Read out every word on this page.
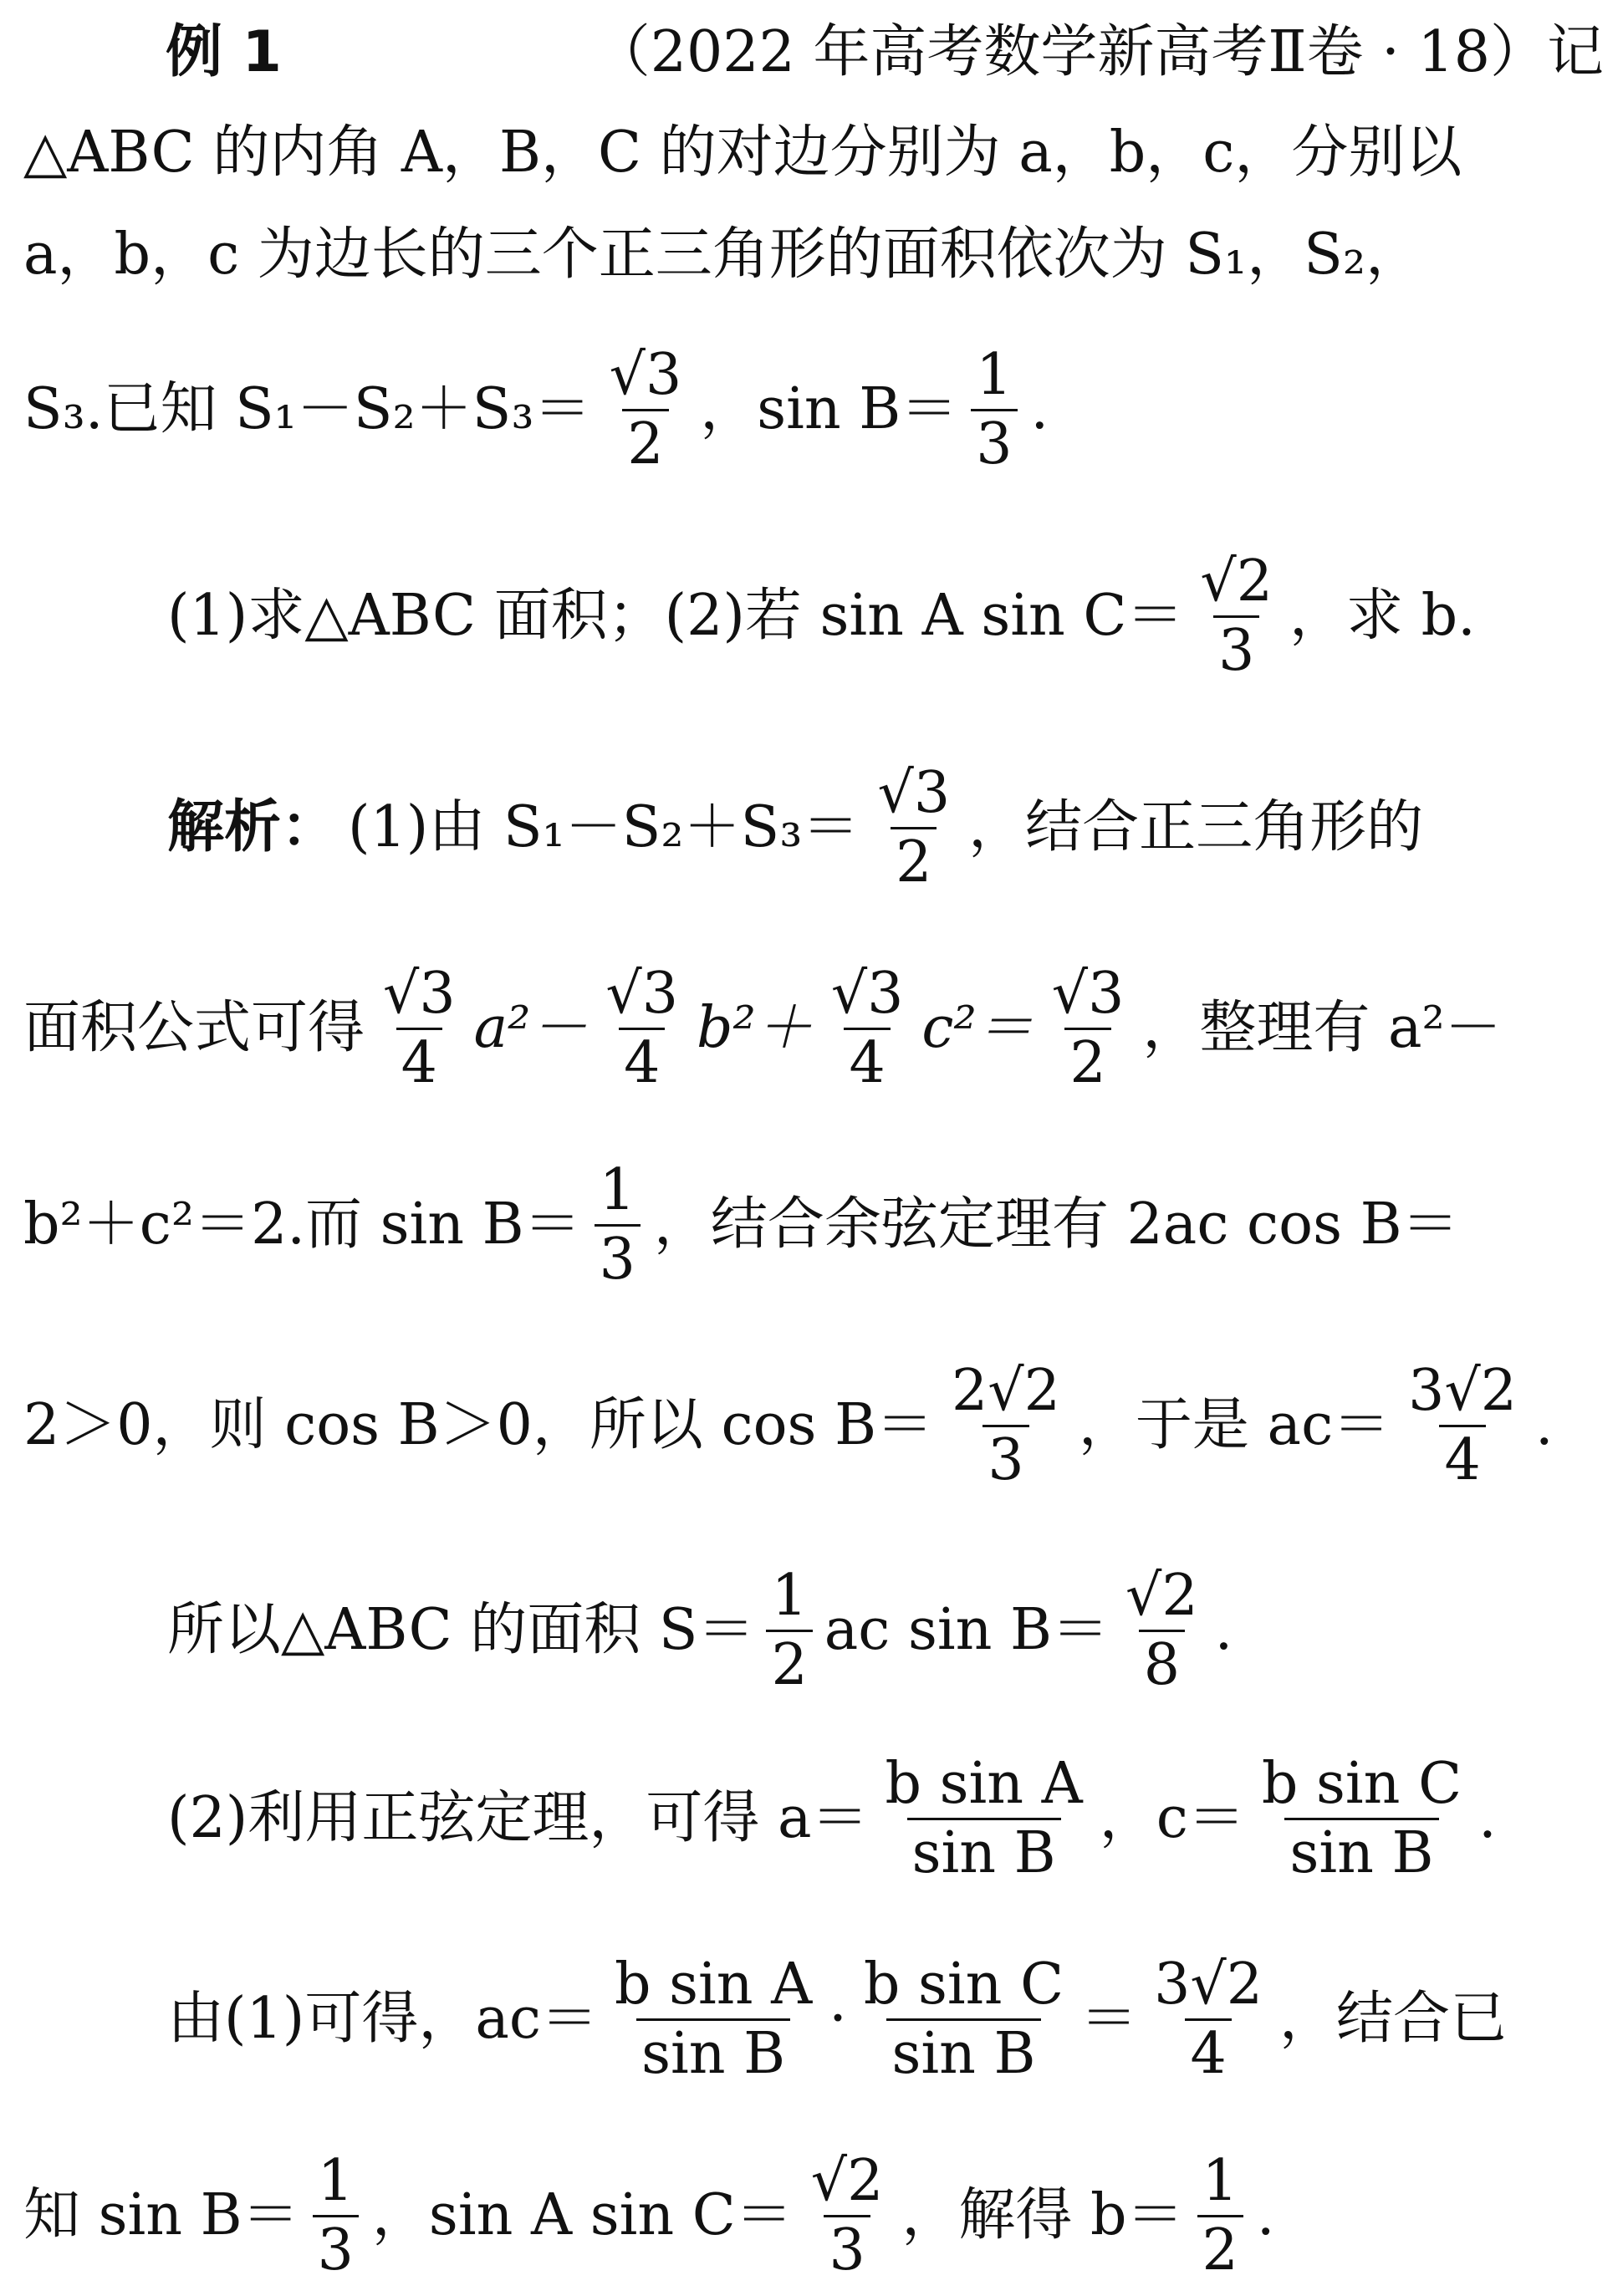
例 1	（2022 年高考数学新高考Ⅱ卷 · 18）记
△ABC 的内角 A，B，C 的对边分别为 a，b，c，分别以
a，b，c 为边长的三个正三角形的面积依次为 S₁，S₂，
S₃.已知 $S_1-S_2+S_3= \frac{√3}{2}$ ，$\sin B= \frac{1}{3}$ .
(1)求△ABC 面积；(2)若 sin A $\sin C= \frac{√2}{3}$ ，求 b.
解析： (1)由 $S_1-S_2+S_3= \frac{√3}{2}$ ，结合正三角形的
面积公式可得 $\frac{√3}{4} a^2- \frac{√3}{4} b^2+ \frac{√3}{4} c^2= \frac{√3}{2}$ ，整理有 a²－
b²＋c²＝2.而 $\sin B= \frac{1}{3}$ ，结合余弦定理有 2ac cos B＝
2＞0，则 cos B＞0，所以 $\cos B= \frac{2√2}{3}$ ，于是 $ac= \frac{3√2}{4}$ .
所以△ABC 的面积 $S= \frac{1}{2}$ ac $\sin B= \frac{√2}{8}$ .
(2)利用正弦定理，可得 $a= \frac{\text{b sin A}}{\text{sin B}}$ ，$c= \frac{\text{b sin C}}{\text{sin B}}$ .
由(1)可得，$ac= \frac{\text{b sin A}}{\text{sin B}} \cdot \frac{\text{b sin C}}{\text{sin B}} = \frac{3√2}{4}$ ，结合已
知 $\sin B= \frac{1}{3}$ ，sin A $\sin C= \frac{√2}{3}$ ，解得 $b= \frac{1}{2}$ .
